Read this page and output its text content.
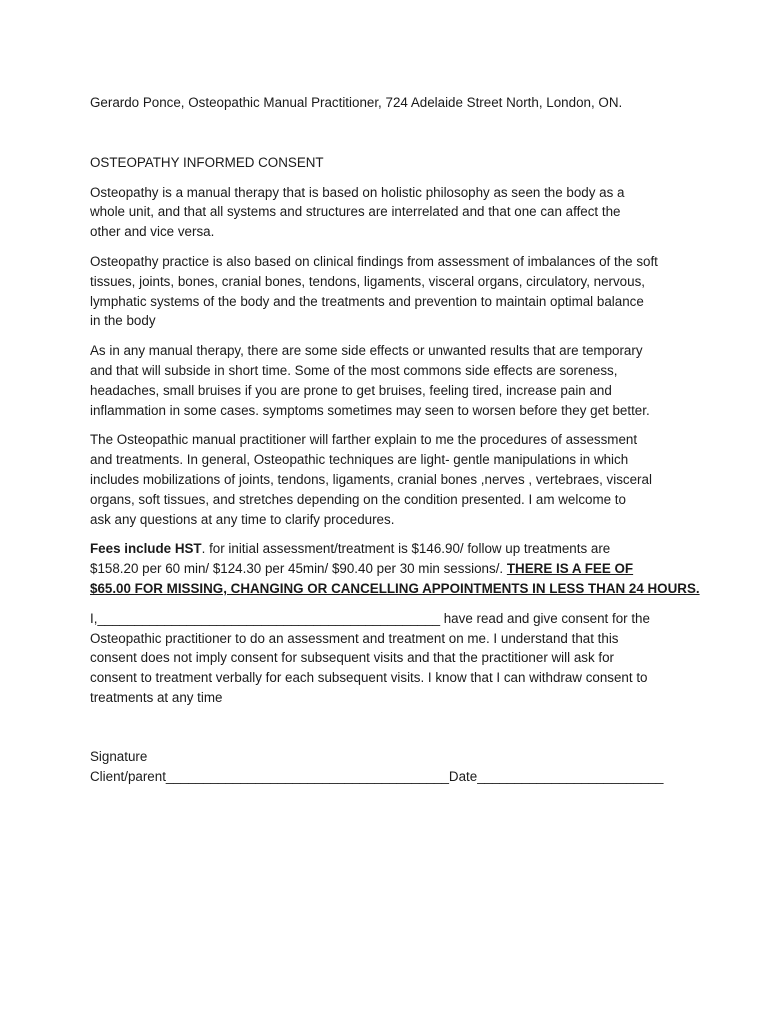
Gerardo Ponce, Osteopathic Manual Practitioner, 724 Adelaide Street North, London, ON.

OSTEOPATHY INFORMED CONSENT

Osteopathy is a manual therapy that is based on holistic philosophy as seen the body as a
whole unit, and that all systems and structures are interrelated and that one can affect the
other and vice versa.

Osteopathy practice is also based on clinical findings from assessment of imbalances of the soft
tissues, joints, bones, cranial bones, tendons, ligaments, visceral organs, circulatory, nervous,
lymphatic systems of the body and the treatments and prevention to maintain optimal balance
in the body

As in any manual therapy, there are some side effects or unwanted results that are temporary
and that will subside in short time. Some of the most commons side effects are soreness,
headaches, small bruises if you are prone to get bruises, feeling tired, increase pain and
inflammation in some cases. symptoms sometimes may seen to worsen before they get better.

The Osteopathic manual practitioner will farther explain to me the procedures of assessment
and treatments. In general, Osteopathic techniques are light- gentle manipulations in which
includes mobilizations of joints, tendons, ligaments, cranial bones ,nerves , vertebraes, visceral
organs, soft tissues, and stretches depending on the condition presented. I am welcome to
ask any questions at any time to clarify procedures.

Fees include HST. for initial assessment/treatment is $146.90/ follow up treatments are
$158.20 per 60 min/ $124.30 per 45min/ $90.40 per 30 min sessions/. THERE IS A FEE OF
$65.00 FOR MISSING, CHANGING OR CANCELLING APPOINTMENTS IN LESS THAN 24 HOURS.

I,______________________________________________ have read and give consent for the
Osteopathic practitioner to do an assessment and treatment on me. I understand that this
consent does not imply consent for subsequent visits and that the practitioner will ask for
consent to treatment verbally for each subsequent visits. I know that I can withdraw consent to
treatments at any time

Signature
Client/parent______________________________________Date_________________________
